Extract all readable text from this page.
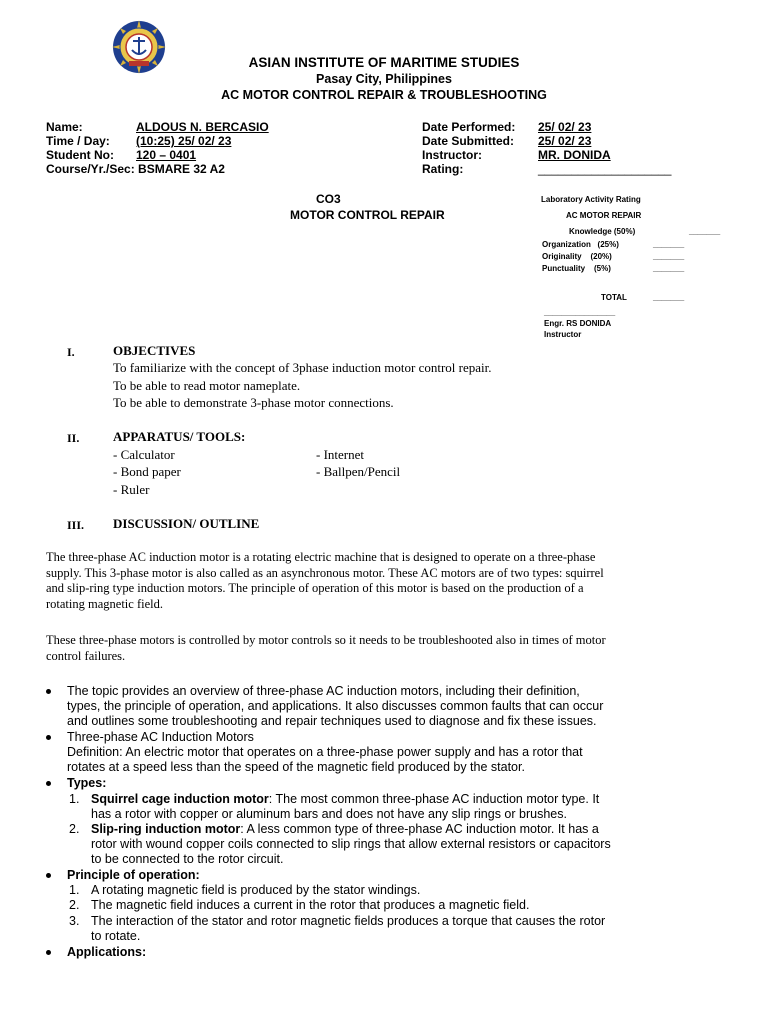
ASIAN INSTITUTE OF MARITIME STUDIES
Pasay City, Philippines
AC MOTOR CONTROL REPAIR & TROUBLESHOOTING
Name:	ALDOUS N. BERCASIO
Time / Day: (10:25) 25/ 02/ 23
Student No: 120 – 0401
Course/Yr./Sec: BSMARE 32 A2
Date Performed: 25/ 02/ 23
Date Submitted: 25/ 02/ 23
Instructor:	MR. DONIDA
Rating:	____________________
CO3
MOTOR CONTROL REPAIR
Laboratory Activity Rating
AC MOTOR REPAIR
Knowledge (50%)	_______
Organization   (25%)	_______
Originality    (20%)	_______
Punctuality    (5%)	_______
TOTAL	_______
________________
Engr. RS DONIDA
Instructor
I.	OBJECTIVES
To familiarize with the concept of 3phase induction motor control repair.
To be able to read motor nameplate.
To be able to demonstrate 3-phase motor connections.
II.	APPARATUS/ TOOLS:
- Calculator
- Bond paper
- Ruler
- Internet
- Ballpen/Pencil
III. DISCUSSION/ OUTLINE
The three-phase AC induction motor is a rotating electric machine that is designed to operate on a three-phase
supply. This 3-phase motor is also called as an asynchronous motor. These AC motors are of two types: squirrel
and slip-ring type induction motors. The principle of operation of this motor is based on the production of a
rotating magnetic field.
These three-phase motors is controlled by motor controls so it needs to be troubleshooted also in times of motor
control failures.
The topic provides an overview of three-phase AC induction motors, including their definition,
types, the principle of operation, and applications. It also discusses common faults that can occur
and outlines some troubleshooting and repair techniques used to diagnose and fix these issues.
Three-phase AC Induction Motors
Definition: An electric motor that operates on a three-phase power supply and has a rotor that
rotates at a speed less than the speed of the magnetic field produced by the stator.
Types:
1. Squirrel cage induction motor: The most common three-phase AC induction motor type. It
has a rotor with copper or aluminum bars and does not have any slip rings or brushes.
2. Slip-ring induction motor: A less common type of three-phase AC induction motor. It has a
rotor with wound copper coils connected to slip rings that allow external resistors or capacitors
to be connected to the rotor circuit.
Principle of operation:
1. A rotating magnetic field is produced by the stator windings.
2. The magnetic field induces a current in the rotor that produces a magnetic field.
3. The interaction of the stator and rotor magnetic fields produces a torque that causes the rotor
to rotate.
Applications:
